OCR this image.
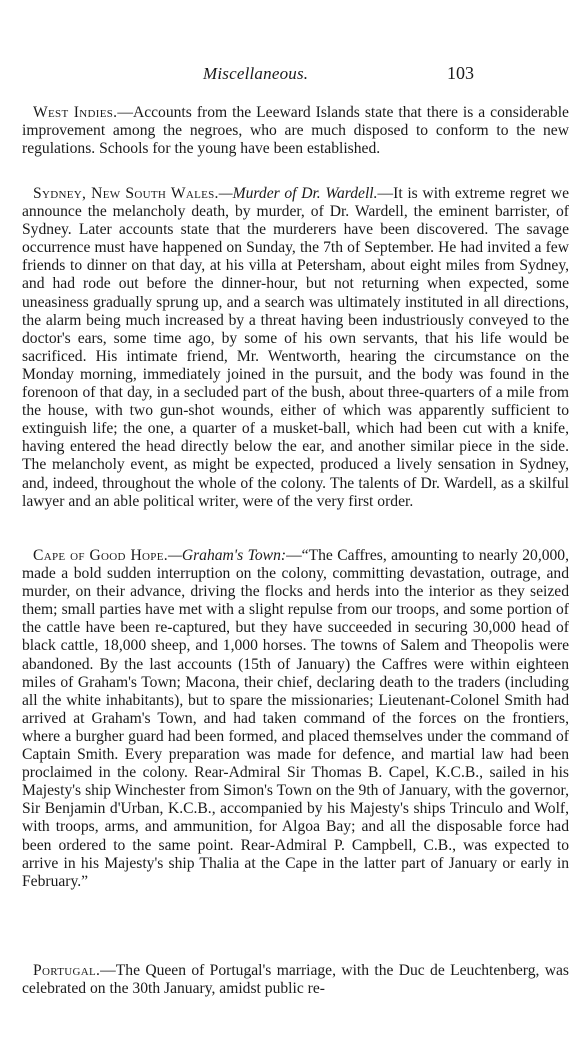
Miscellaneous.	103

West Indies.—Accounts from the Leeward Islands state that there is a considerable improvement among the negroes, who are much disposed to conform to the new regulations. Schools for the young have been established.

Sydney, New South Wales.—Murder of Dr. Wardell.—It is with extreme regret we announce the melancholy death, by murder, of Dr. Wardell, the eminent barrister, of Sydney. Later accounts state that the murderers have been discovered. The savage occurrence must have happened on Sunday, the 7th of September. He had invited a few friends to dinner on that day, at his villa at Petersham, about eight miles from Sydney, and had rode out before the dinner-hour, but not returning when expected, some uneasiness gradually sprung up, and a search was ultimately instituted in all directions, the alarm being much increased by a threat having been industriously conveyed to the doctor's ears, some time ago, by some of his own servants, that his life would be sacrificed. His intimate friend, Mr. Wentworth, hearing the circumstance on the Monday morning, immediately joined in the pursuit, and the body was found in the forenoon of that day, in a secluded part of the bush, about three-quarters of a mile from the house, with two gun-shot wounds, either of which was apparently sufficient to extinguish life; the one, a quarter of a musket-ball, which had been cut with a knife, having entered the head directly below the ear, and another similar piece in the side. The melancholy event, as might be expected, produced a lively sensation in Sydney, and, indeed, throughout the whole of the colony. The talents of Dr. Wardell, as a skilful lawyer and an able political writer, were of the very first order.

Cape of Good Hope.—Graham's Town:—“The Caffres, amounting to nearly 20,000, made a bold sudden interruption on the colony, committing devastation, outrage, and murder, on their advance, driving the flocks and herds into the interior as they seized them; small parties have met with a slight repulse from our troops, and some portion of the cattle have been re-captured, but they have succeeded in securing 30,000 head of black cattle, 18,000 sheep, and 1,000 horses. The towns of Salem and Theopolis were abandoned. By the last accounts (15th of January) the Caffres were within eighteen miles of Graham's Town; Macona, their chief, declaring death to the traders (including all the white inhabitants), but to spare the missionaries; Lieutenant-Colonel Smith had arrived at Graham's Town, and had taken command of the forces on the frontiers, where a burgher guard had been formed, and placed themselves under the command of Captain Smith. Every preparation was made for defence, and martial law had been proclaimed in the colony. Rear-Admiral Sir Thomas B. Capel, K.C.B., sailed in his Majesty's ship Winchester from Simon's Town on the 9th of January, with the governor, Sir Benjamin d'Urban, K.C.B., accompanied by his Majesty's ships Trinculo and Wolf, with troops, arms, and ammunition, for Algoa Bay; and all the disposable force had been ordered to the same point. Rear-Admiral P. Campbell, C.B., was expected to arrive in his Majesty's ship Thalia at the Cape in the latter part of January or early in February.”

Portugal.—The Queen of Portugal's marriage, with the Duc de Leuchtenberg, was celebrated on the 30th January, amidst public re-
